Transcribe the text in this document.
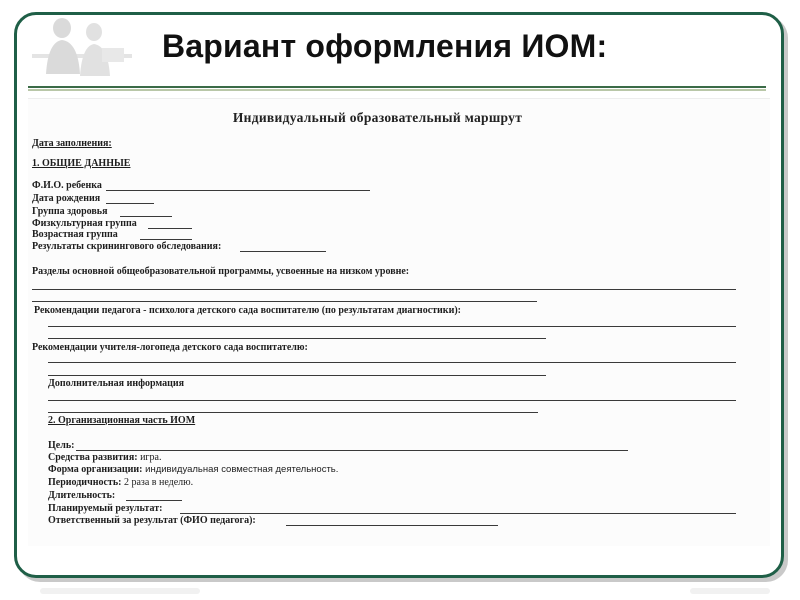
Вариант оформления ИОМ:
Индивидуальный образовательный маршрут
Дата заполнения:
1. ОБЩИЕ ДАННЫЕ
Ф.И.О. ребенка
Дата рождения
Группа здоровья
Физкультурная группа
Возрастная группа
Результаты скринингового обследования:
Разделы основной общеобразовательной программы, усвоенные на низком уровне:
Рекомендации педагога - психолога детского сада воспитателю (по результатам диагностики):
Рекомендации учителя-логопеда детского сада воспитателю:
Дополнительная информация
2. Организационная часть ИОМ
Цель:
Средства развития: игра.
Форма организации: индивидуальная совместная деятельность.
Периодичность: 2 раза в неделю.
Длительность:
Планируемый результат:
Ответственный за результат (ФИО педагога):
